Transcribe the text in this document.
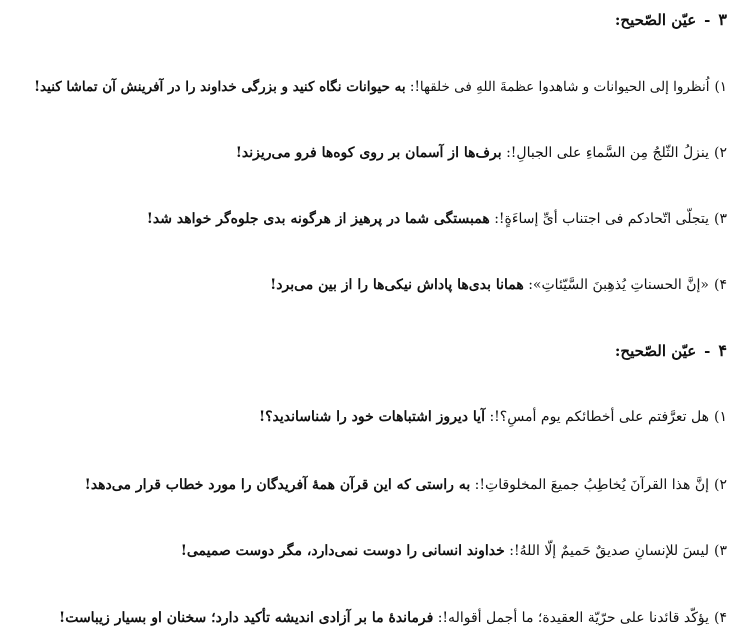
۳-عیّن الصّحیح:
۱)اُنظروا إلی الحیوانات و شاهدوا عظمةَ اللهِ فی خلقها!: به حیوانات نگاه کنید و بزرگی خداوند را در آفرینش آن تماشا کنید!
۲)ینزلُ الثّلجُ مِن السَّماءِ علی الجبالِ!: برف‌ها از آسمان بر روی کوه‌ها فرو می‌ریزند!
۳)یتجلّی اتّحادکم فی اجتناب أیِّ إساءَةٍ!: همبستگی شما در پرهیز از هرگونه بدی جلوه‌گر خواهد شد!
۴)«إنَّ الحسناتِ یُذهِبنَ السَّیّئاتِ»: همانا بدی‌ها پاداش نیکی‌ها را از بین می‌برد!
۴-عیّن الصّحیح:
۱)هل تعرَّفتم علی أخطائکم یوم أمسِ؟!: آیا دیروز اشتباهات خود را شناساندید؟!
۲)إنَّ هذا القرآنَ یُخاطِبُ جمیعَ المخلوقاتِ!: به راستی که این قرآن همهٔ آفریدگان را مورد خطاب قرار می‌دهد!
۳)لیسَ للإنسانِ صدیقٌ حَمیمٌ إلّا اللهُ!: خداوند انسانی را دوست نمی‌دارد، مگر دوست صمیمی!
۴)یؤکّد قائدنا علی حرّیّة العقیدة؛ ما أجمل أقواله!: فرماندهٔ ما بر آزادی اندیشه تأکید دارد؛ سخنان او بسیار زیباست!
